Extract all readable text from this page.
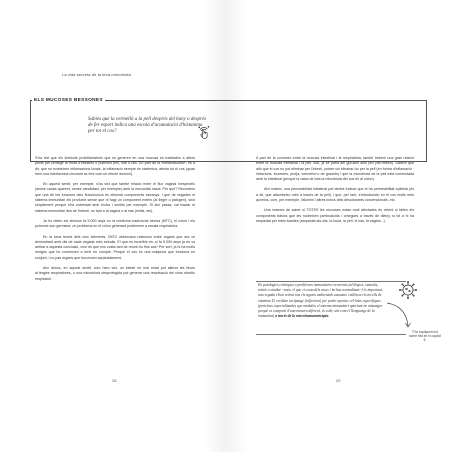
La vida secreta de la teva microbiota
ELS MUCOSES BESSONES
Sabies que la vermelló a la pell després del bany o després de fer esport indica una escola d'acumulació d'histamina per tot el cos?

S'ha vist que els limfòcits proinflamatoris que es generen en una mucosa es traslladen a altres punts per protegir la resta d'intestins o pulmons pell, nas o ulls. En part de la «inflamasoma», és a dir, que no existeixen inflamacions locals, la inflamació sempre és sistèmica, afecta tot el cos (quan hem una interfaccina circulant se fent com un efecte dominó).

En aquest sentit, per exemple, s'ha vist que també relació entre el flux vaginal inespecífic (sense causa aparent, sense candidiasi, per exemple) amb la mucositat nasal. Per què? Recordem que una de les funcions dels fluxos/mocs és eliminar components estranys, i que de vegades el sistema immunitari els produeix sense que hi hagi un component extern (al lleger o patogen), sinó simplement perquè s'ha estressat amb tòxics i sentits per exemple. Si així passa, cal tractar el sistema immunitari des de l'intestí, no tant a la vagina o al nas (rinitis, etc).

Ja ho deien els xinesos fa 5.000 anys en la medicina tradicional xinesa (MTC), el còlon i els pulmons són germans: un problema en el còlon generarà problemes a escala respiratòria.

En la seva teoria dels cinc elements, l'MTC observava relacions entre òrgans que ara ve demostrant amb dia de cada vegada més estudis. El que és increïble és: si fa 5.000 anys ja es va arribar a aquesta conclusió, com és que ens costa tant de reunir-ho fins ara? Per sort, ja hi ha molts metges que ho comencen a tenir en compte. Perquè el cos és una màquina que funciona en conjunt, i no pas òrgans que funcionen separadament.

Així doncs, en aquest sentit, com hem vist, un intestí en mal estat pot alterar les teves al·lèrgies respiratòries, o una microbiota desprotegida pot generar una reactivació del virus sincític respiratori.

A part de la connexió entre la mucosa intestinal i la respiratòria, també trobem una gran relació entre la mucosa intestinal i la pell. Així, ja se parla del gut-skin axis (eix pell-intestí). Sabem que allò que el cos no pot eliminar per l'intestí, potser vol eliminar-ho per la pell (en forma d'inflamació · irritacions, èczemes, pruïja, vermellor·o de granets) i que la microbiota de la pell està connectada amb la intestinal (perquè la vaixa de tota la microbiota del cos és al còlon).

Així mateix, una permeabilitat intestinal pot també indicar que hi ha permeabilitat epitelial (és a dir, que absorbeixo més a través de la pell), i que, per tant, s'introdueixin en el cos molts més químics, com, per exemple, l'alumini i altres tòxics dels desodorants convencionals, etc.

Una manera de saber si TOTES les mucoses estan molt afectades és veient si fallen els components bàsics que les nodreixen (aminoàcids i omegues a través de dieta); si tot a hi ha sequedat per totes bandes (sequedat als ulls, la boca, la pell, el nas, la vagina...).

En patologies cròniques o problemes immunitaris recurrents (al·lèrgies, sinusitis, rinitis o similar ~nota, el que et costa dels mocs i ho has normalitzat~) és important, una vegada s'han retirat tots els agents ambientals causants i millorat els nivells de vitamina D, reeditar un tipatge (inflection) per poder aportar cèl·lules específiques (proteïnes especialitzades que modulen el sistema immunitari aportant-ne missatger perquè es comporti d'una manera diferent, és a dir, són com el llenguatge de la immunitat) a través de la microimmunoteràpia.
T'ho expliquem tot sobre ella en el capítol 5.
28	29
